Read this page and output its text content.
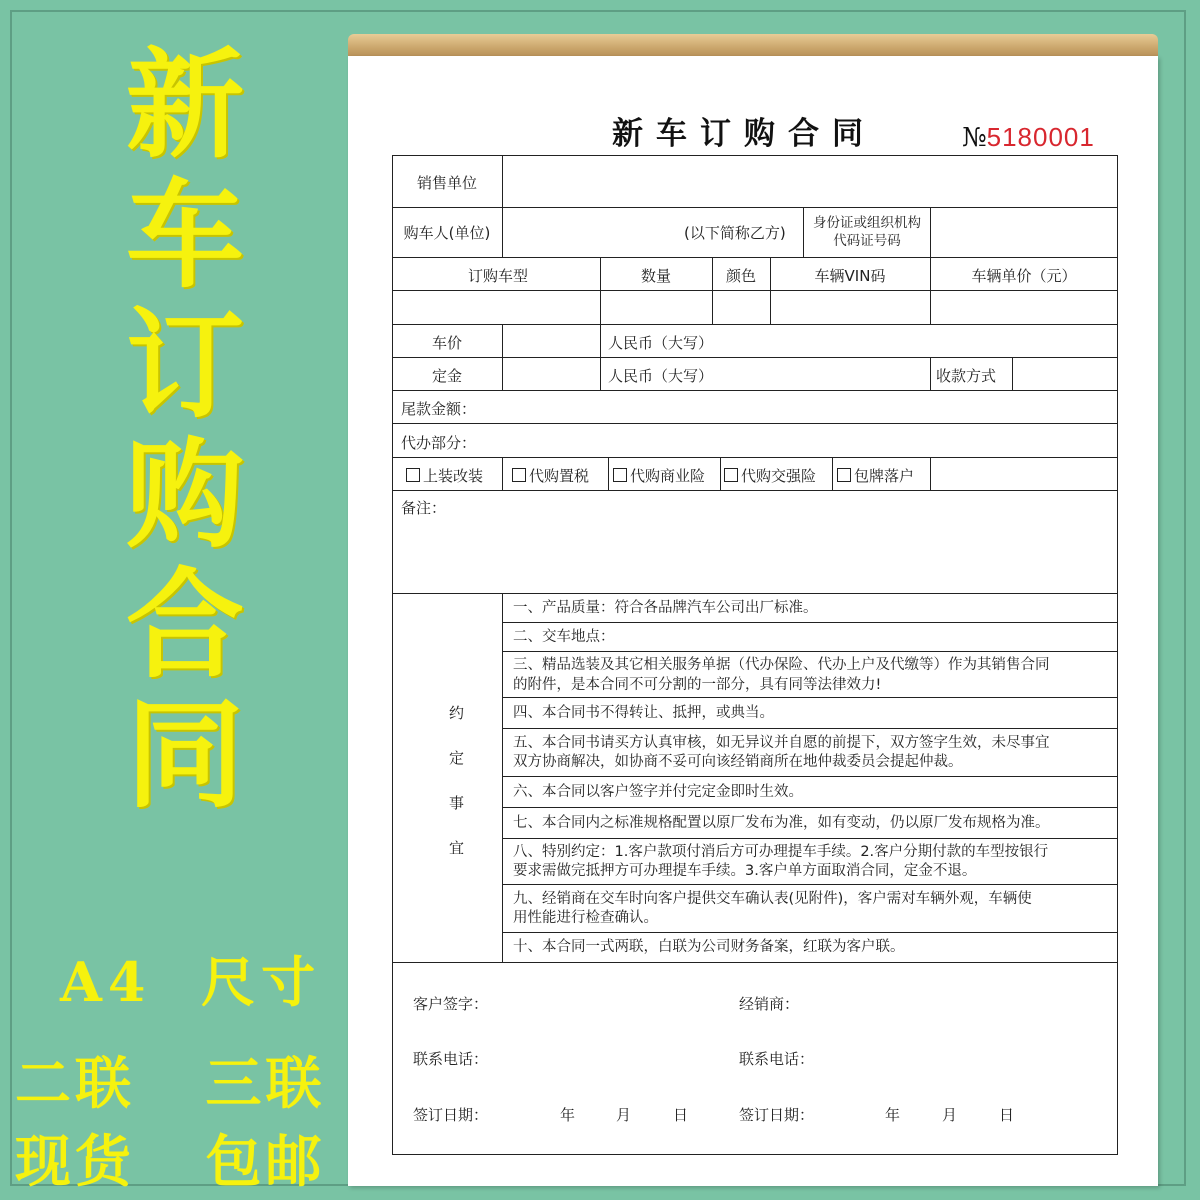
新
车
订
购
合
同
A4  尺寸
二联   三联
现货   包邮
新车订购合同	№5180001
销售单位
购车人(单位)	(以下简称乙方)
身份证或组织机构
代码证号码
订购车型	数量	颜色	车辆VIN码	车辆单价（元）
车价	人民币（大写）
定金	人民币（大写）	收款方式
尾款金额：
代办部分：
上装改装	代购置税	代购商业险	代购交强险	包牌落户
备注：
约
定
事
宜
一、产品质量：符合各品牌汽车公司出厂标准。
二、交车地点：
三、精品选装及其它相关服务单据（代办保险、代办上户及代缴等）作为其销售合同
的附件，是本合同不可分割的一部分，具有同等法律效力!
四、本合同书不得转让、抵押，或典当。
五、本合同书请买方认真审核，如无异议并自愿的前提下，双方签字生效，未尽事宜
双方协商解决，如协商不妥可向该经销商所在地仲裁委员会提起仲裁。
六、本合同以客户签字并付完定金即时生效。
七、本合同内之标准规格配置以原厂发布为准，如有变动，仍以原厂发布规格为准。
八、特别约定：1.客户款项付消后方可办理提车手续。2.客户分期付款的车型按银行
要求需做完抵押方可办理提车手续。3.客户单方面取消合同，定金不退。
九、经销商在交车时向客户提供交车确认表(见附件)，客户需对车辆外观，车辆使
用性能进行检查确认。
十、本合同一式两联，白联为公司财务备案，红联为客户联。
客户签字：	经销商：
联系电话：	联系电话：
签订日期：	年	月	日	签订日期：	年	月	日
